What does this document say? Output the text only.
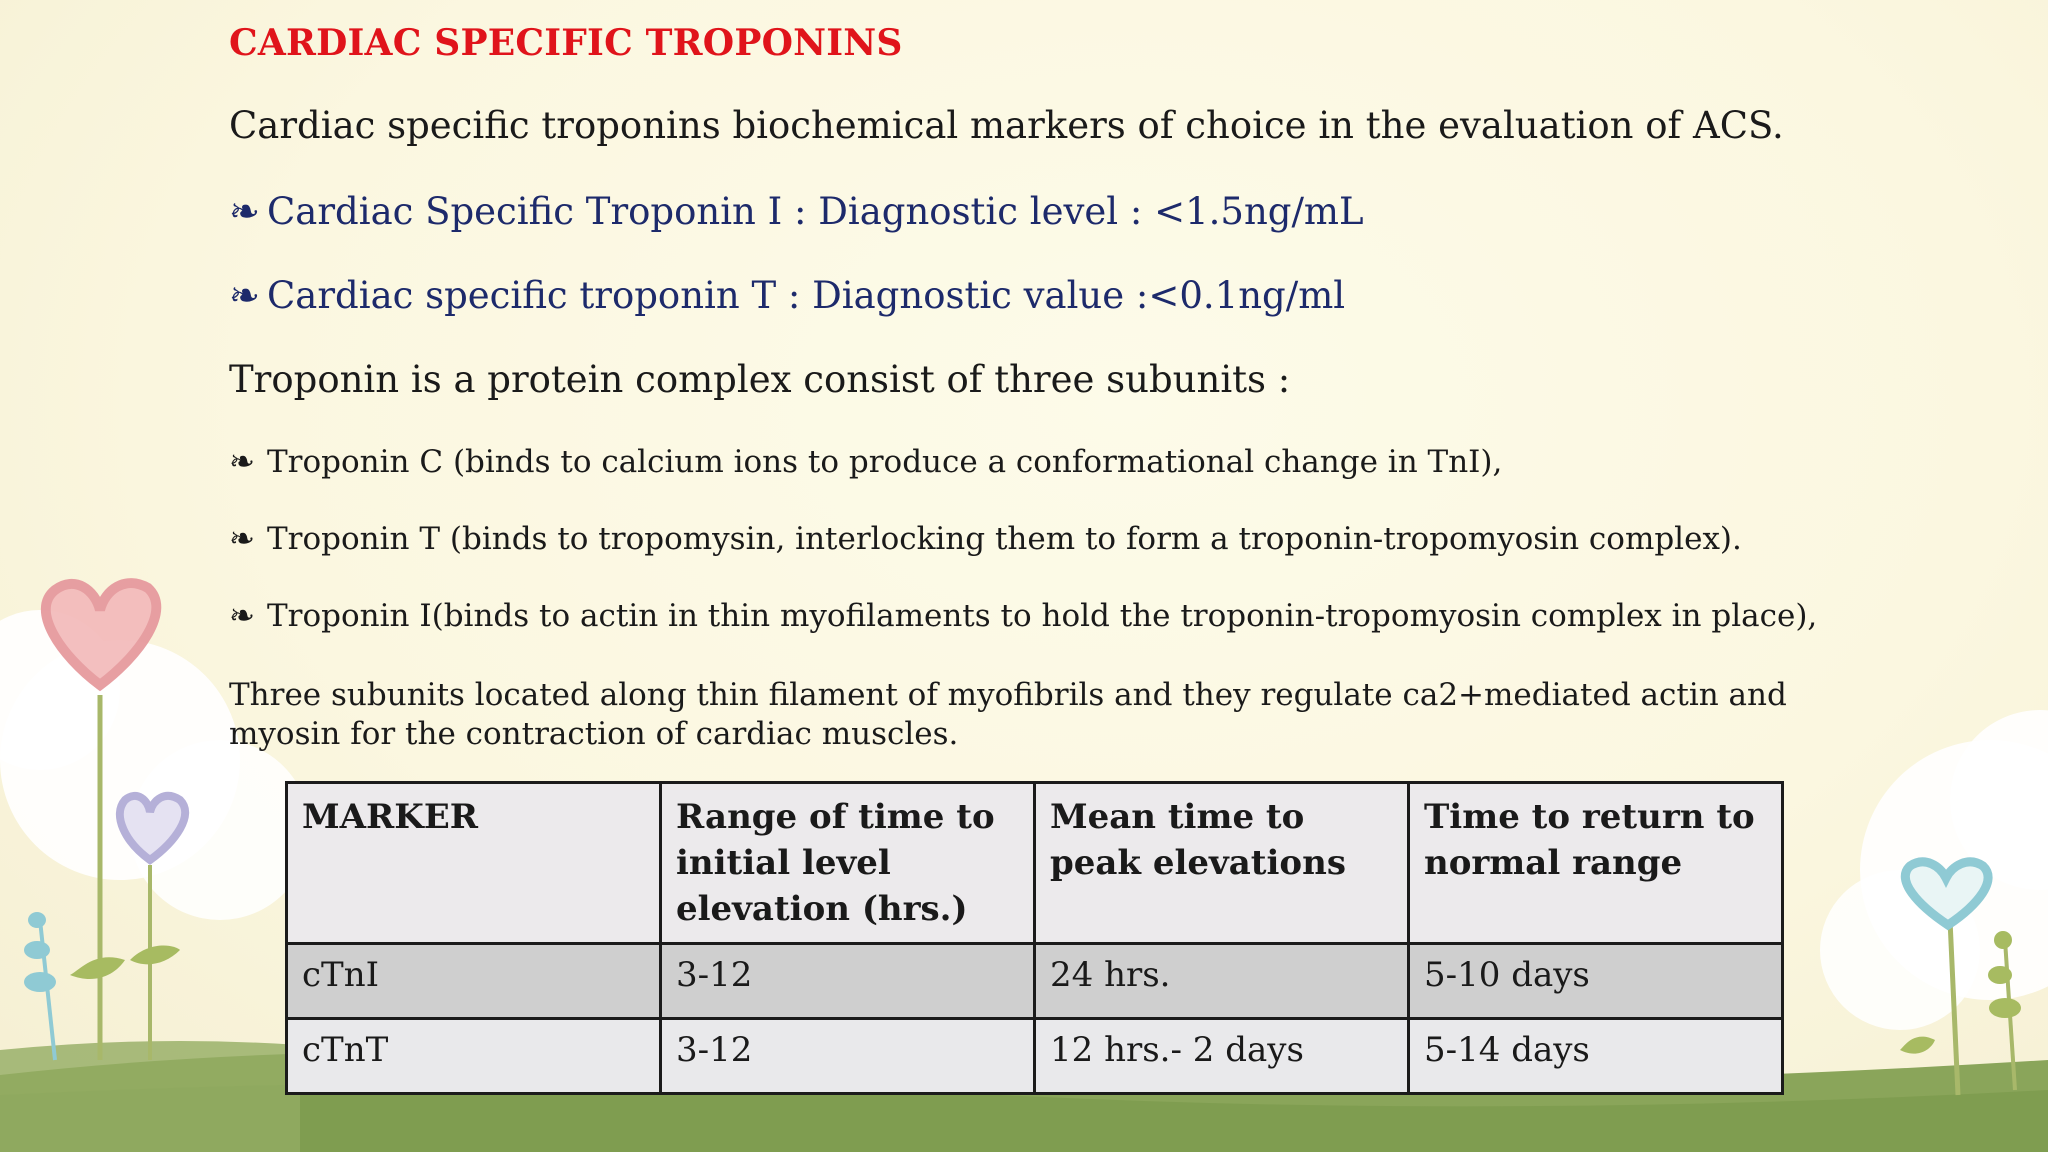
CARDIAC SPECIFIC TROPONINS
Cardiac specific troponins biochemical markers of choice in the evaluation of ACS.
❧ Cardiac Specific Troponin I : Diagnostic level : <1.5ng/mL
❧ Cardiac specific troponin T : Diagnostic value :<0.1ng/ml
Troponin is a protein complex consist of three subunits :
❧ Troponin C (binds to calcium ions to produce a conformational change in TnI),
❧ Troponin T (binds to tropomysin, interlocking them to form a troponin-tropomyosin complex).
❧ Troponin I(binds to actin in thin myofilaments to hold the troponin-tropomyosin complex in place),
Three subunits located along thin filament of myofibrils and they regulate ca2+mediated actin and myosin for the contraction of cardiac muscles.
MARKER	Range of time to initial level elevation (hrs.)	Mean time to peak elevations	Time to return to normal range
cTnI	3-12	24 hrs.	5-10 days
cTnT	3-12	12 hrs.- 2 days	5-14 days
